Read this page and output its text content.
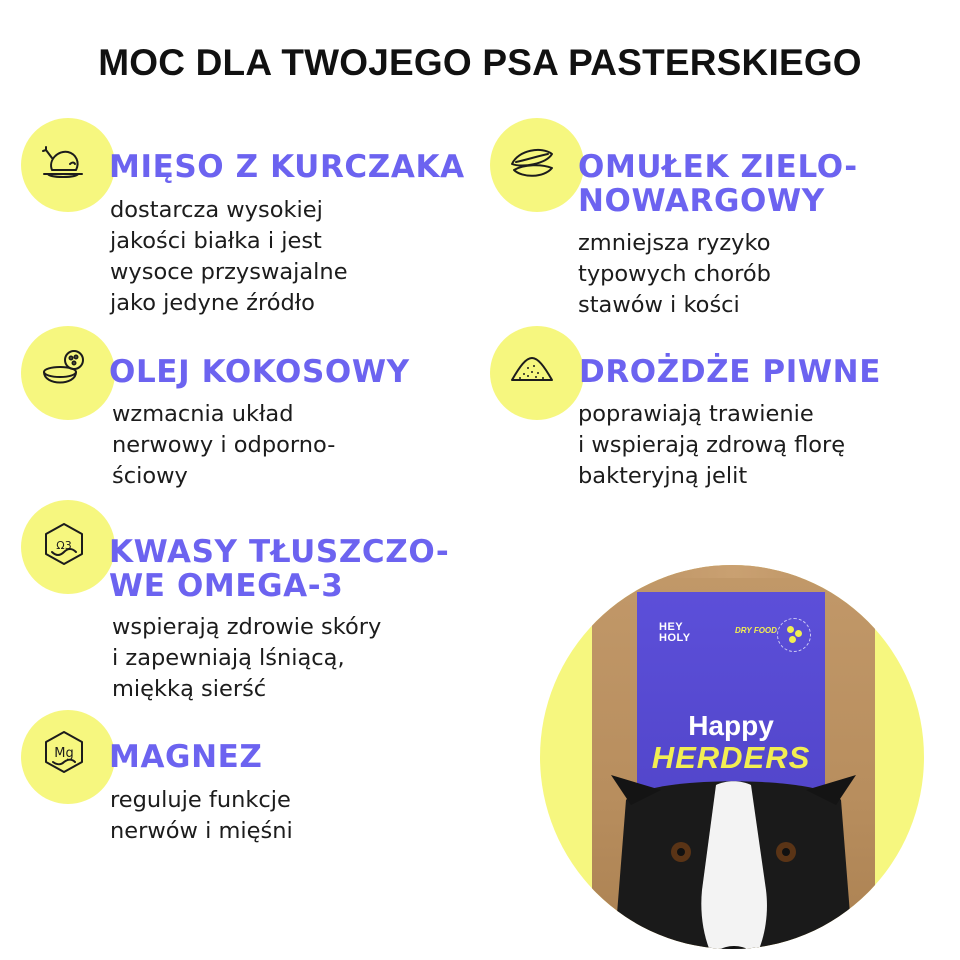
MOC DLA TWOJEGO PSA PASTERSKIEGO
MIĘSO Z KURCZAKA
dostarcza wysokiej
jakości białka i jest
wysoce przyswajalne
jako jedyne źródło
OMUŁEK ZIELO-
NOWARGOWY
zmniejsza ryzyko
typowych chorób
stawów i kości
OLEJ KOKOSOWY
wzmacnia układ
nerwowy i odporno-
ściowy
DROŻDŻE PIWNE
poprawiają trawienie
i wspierają zdrową florę
bakteryjną jelit
Ω3 KWASY TŁUSZCZO-
WE OMEGA-3
wspierają zdrowie skóry
i zapewniają lśniącą,
miękką sierść
Mg MAGNEZ
reguluje funkcje
nerwów i mięśni
HEY
HOLY
DRY FOOD
Happy
HERDERS
